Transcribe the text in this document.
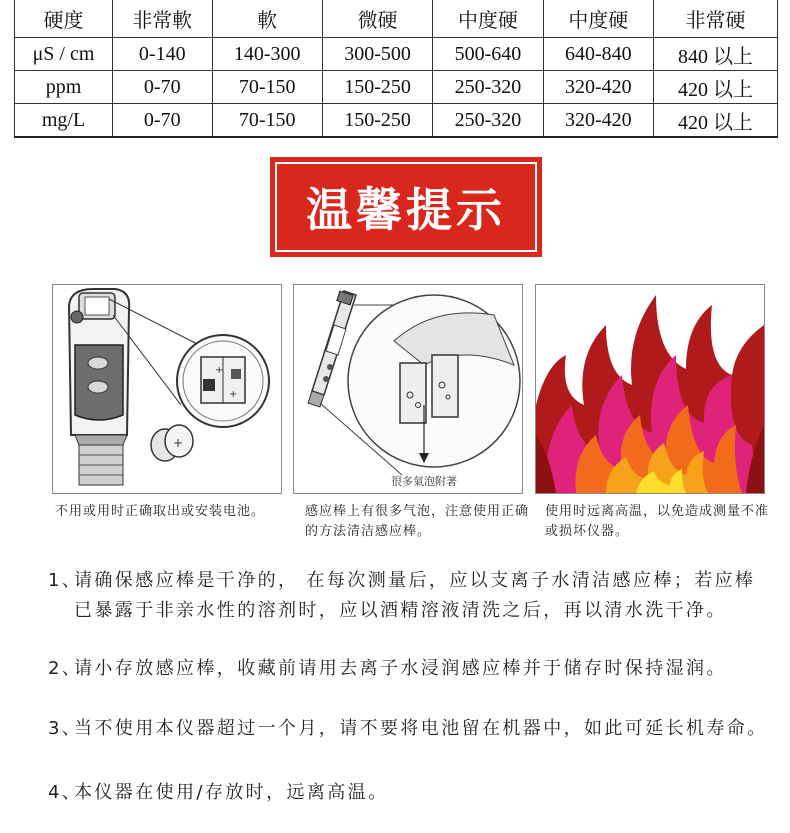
硬度	非常軟	軟	微硬	中度硬	中度硬	非常硬
μS / cm	0-140	140-300	300-500	500-640	640-840	840 以上
ppm	0-70	70-150	150-250	250-320	320-420	420 以上
mg/L	0-70	70-150	150-250	250-320	320-420	420 以上
温馨提示
+
+
+
很多氣泡附著
不用或用时正确取出或安装电池。	感应棒上有很多气泡，注意使用正确的方法清洁感应棒。
使用时远离高温，以免造成测量不准或损坏仪器。
1、
请确保感应棒是干净的， 在每次测量后，应以支离子水清洁感应棒；若应棒已暴露于非亲水性的溶剂时，应以酒精溶液清洗之后，再以清水洗干净。
2、
请小存放感应棒，收藏前请用去离子水浸润感应棒并于储存时保持湿润。
3、
当不使用本仪器超过一个月，请不要将电池留在机器中，如此可延长机寿命。
4、
本仪器在使用/存放时，远离高温。
